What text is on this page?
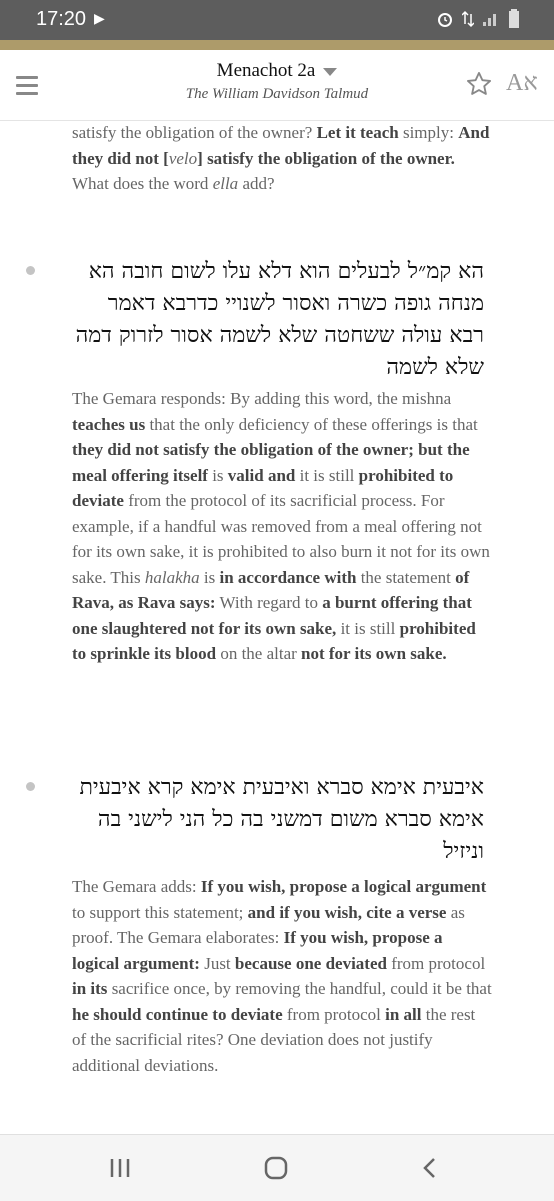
17:20 ▶
Menachot 2a
The William Davidson Talmud	Aא
satisfy the obligation of the owner? Let it teach simply: And they did not [velo] satisfy the obligation of the owner. What does the word ella add?
הא קמ״ל לבעלים הוא דלא עלו לשום חובה הא מנחה גופה כשרה ואסור לשנויי כדרבא דאמר רבא עולה ששחטה שלא לשמה אסור לזרוק דמה שלא לשמה
The Gemara responds: By adding this word, the mishna teaches us that the only deficiency of these offerings is that they did not satisfy the obligation of the owner; but the meal offering itself is valid and it is still prohibited to deviate from the protocol of its sacrificial process. For example, if a handful was removed from a meal offering not for its own sake, it is prohibited to also burn it not for its own sake. This halakha is in accordance with the statement of Rava, as Rava says: With regard to a burnt offering that one slaughtered not for its own sake, it is still prohibited to sprinkle its blood on the altar not for its own sake.
איבעית אימא סברא ואיבעית אימא קרא איבעית אימא סברא משום דמשני בה כל הני לישני בה וניזיל
The Gemara adds: If you wish, propose a logical argument to support this statement; and if you wish, cite a verse as proof. The Gemara elaborates: If you wish, propose a logical argument: Just because one deviated from protocol in its sacrifice once, by removing the handful, could it be that he should continue to deviate from protocol in all the rest of the sacrificial rites? One deviation does not justify additional deviations.
